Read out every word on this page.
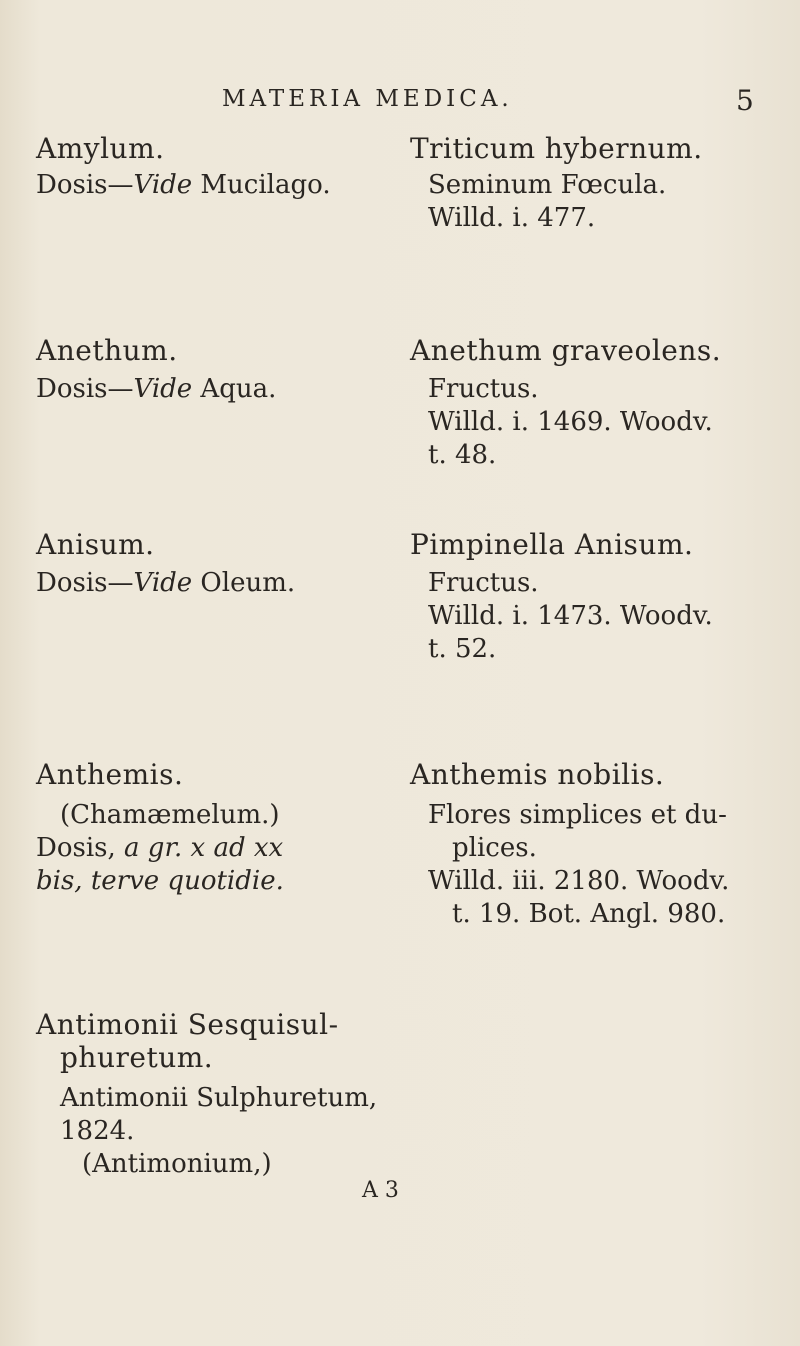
MATERIA MEDICA.	5
Amylum.
Dosis—Vide Mucilago.
Triticum hybernum.
Seminum Fœcula.
Willd. i. 477.
Anethum.
Dosis—Vide Aqua.
Anethum graveolens.
Fructus.
Willd. i. 1469. Woodv.
t. 48.
Anisum.
Dosis—Vide Oleum.
Pimpinella Anisum.
Fructus.
Willd. i. 1473. Woodv.
t. 52.
Anthemis.
(Chamæmelum.)
Dosis, a gr. x ad xx
bis, terve quotidie.
Anthemis nobilis.
Flores simplices et du-
plices.
Willd. iii. 2180. Woodv.
t. 19. Bot. Angl. 980.
Antimonii Sesquisul-
phuretum.
Antimonii Sulphuretum,
1824.
(Antimonium,)
A 3
